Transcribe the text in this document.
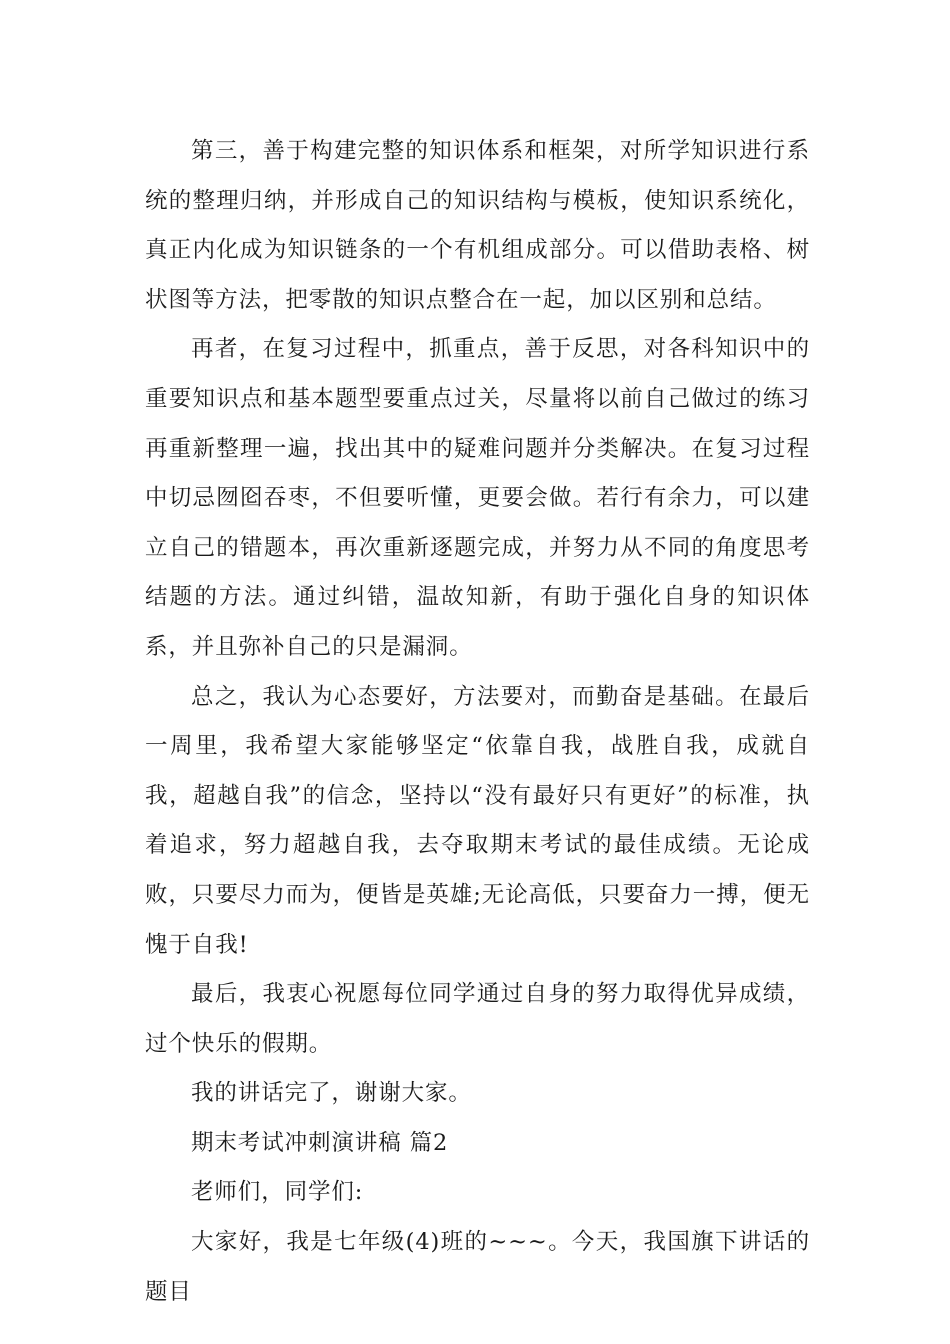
第三，善于构建完整的知识体系和框架，对所学知识进行系统的整理归纳，并形成自己的知识结构与模板，使知识系统化，真正内化成为知识链条的一个有机组成部分。可以借助表格、树状图等方法，把零散的知识点整合在一起，加以区别和总结。

再者，在复习过程中，抓重点，善于反思，对各科知识中的重要知识点和基本题型要重点过关，尽量将以前自己做过的练习再重新整理一遍，找出其中的疑难问题并分类解决。在复习过程中切忌囫囵吞枣，不但要听懂，更要会做。若行有余力，可以建立自己的错题本，再次重新逐题完成，并努力从不同的角度思考结题的方法。通过纠错，温故知新，有助于强化自身的知识体系，并且弥补自己的只是漏洞。

总之，我认为心态要好，方法要对，而勤奋是基础。在最后一周里，我希望大家能够坚定“依靠自我，战胜自我，成就自我，超越自我”的信念，坚持以“没有最好只有更好”的标准，执着追求，努力超越自我，去夺取期末考试的最佳成绩。无论成败，只要尽力而为，便皆是英雄;无论高低，只要奋力一搏，便无愧于自我!

最后，我衷心祝愿每位同学通过自身的努力取得优异成绩，过个快乐的假期。

我的讲话完了，谢谢大家。

期末考试冲刺演讲稿 篇2

老师们，同学们:

大家好，我是七年级(4)班的~~~。今天，我国旗下讲话的题目
